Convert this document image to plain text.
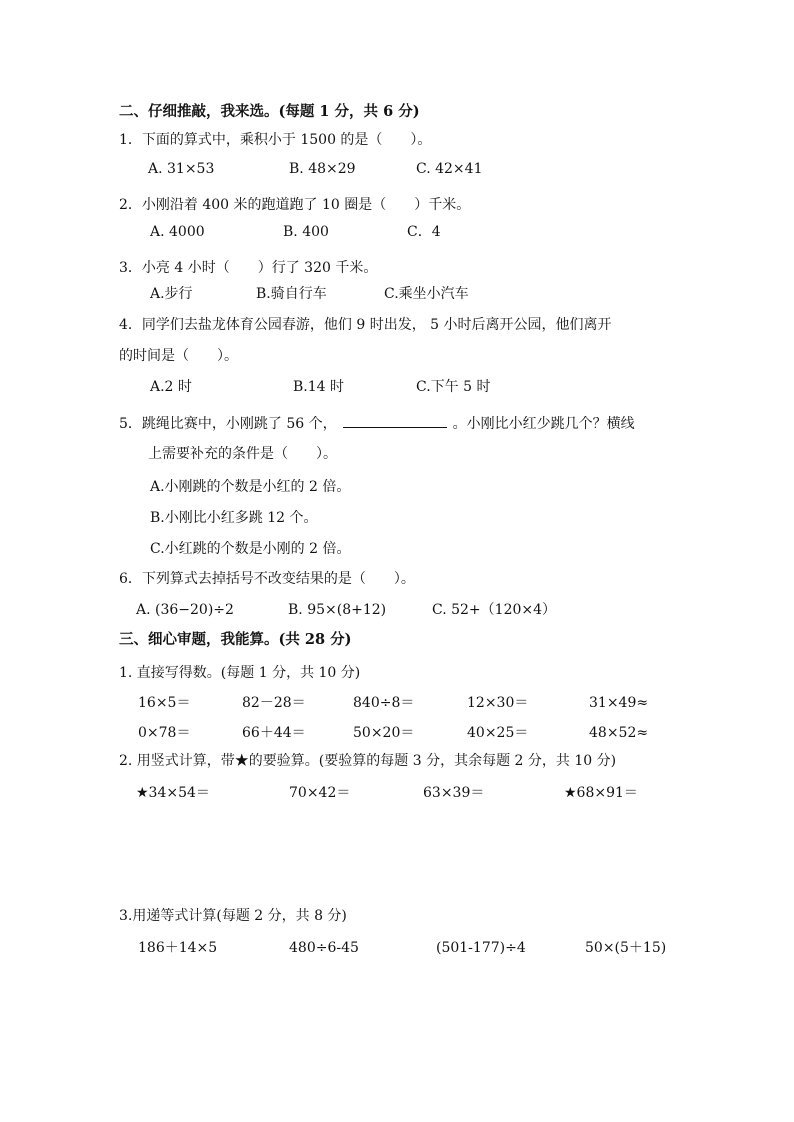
二、仔细推敲，我来选。(每题 1 分，共 6 分)
1．下面的算式中，乘积小于 1500 的是（　　）。
A. 31×53	B. 48×29	C. 42×41
2．小刚沿着 400 米的跑道跑了 10 圈是（　　）千米。
A. 4000	B. 400	C．4
3．小亮 4 小时（　　）行了 320 千米。
A.步行	B.骑自行车	C.乘坐小汽车
4．同学们去盐龙体育公园春游，他们 9 时出发， 5 小时后离开公园，他们离开
的时间是（　　）。
A.2 时	B.14 时	C.下午 5 时
5．跳绳比赛中，小刚跳了 56 个，	。小刚比小红少跳几个？横线
上需要补充的条件是（　　）。
A.小刚跳的个数是小红的 2 倍。
B.小刚比小红多跳 12 个。
C.小红跳的个数是小刚的 2 倍。
6．下列算式去掉括号不改变结果的是（　　）。
A. (36−20)÷2	B. 95×(8+12)	C. 52+（120×4）
三、细心审题，我能算。(共 28 分)
1. 直接写得数。(每题 1 分，共 10 分)
16×5＝	82－28＝	840÷8＝	12×30＝	31×49≈
0×78＝	66＋44＝	50×20＝	40×25＝	48×52≈
2. 用竖式计算，带★的要验算。(要验算的每题 3 分，其余每题 2 分，共 10 分)
★34×54＝	70×42＝	63×39＝	★68×91＝
3.用递等式计算(每题 2 分，共 8 分)
186＋14×5	480÷6-45	(501-177)÷4	50×(5＋15)
